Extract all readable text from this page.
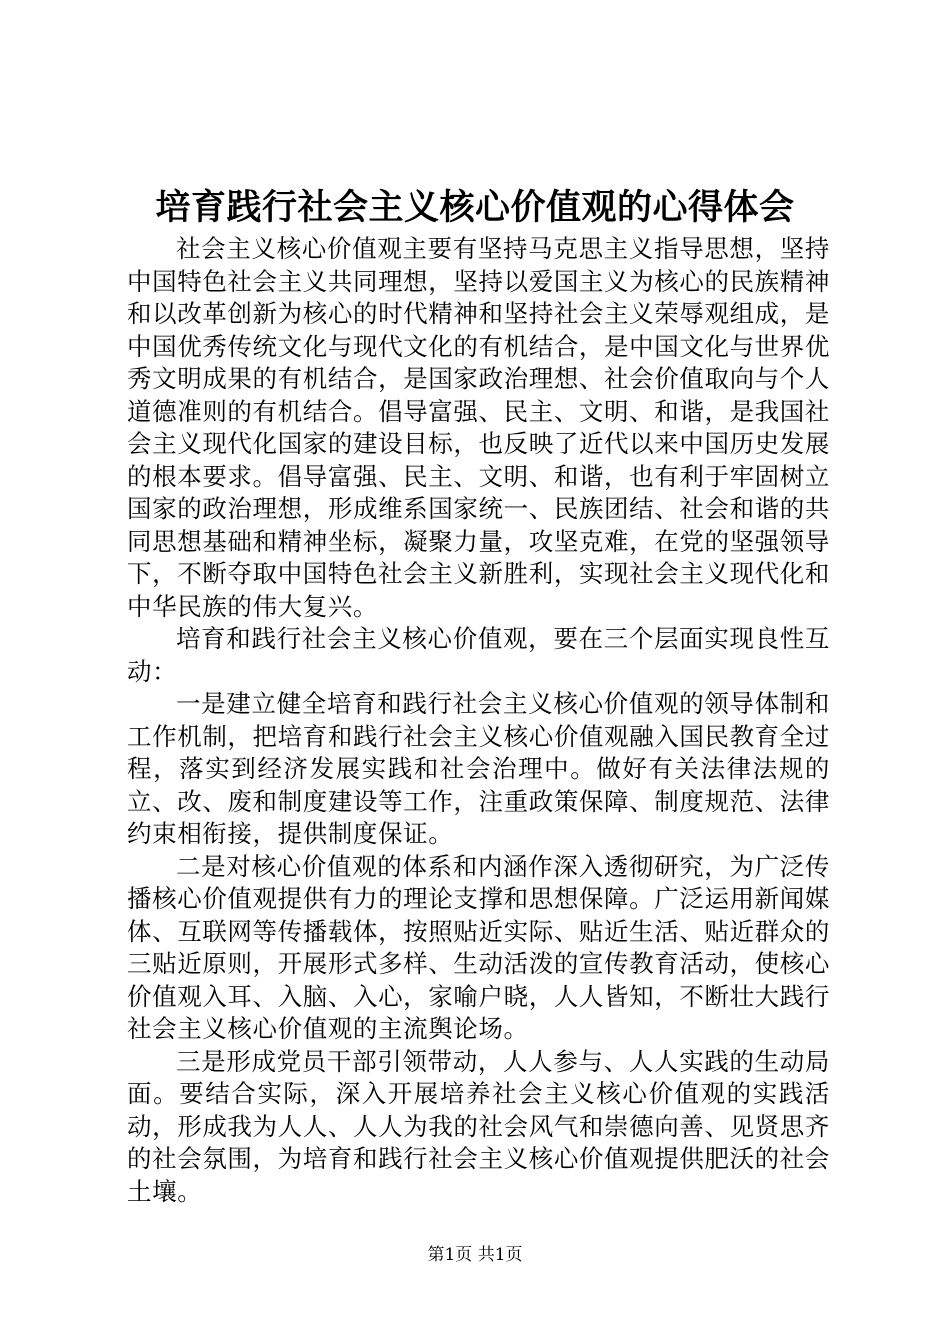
培育践行社会主义核心价值观的心得体会

社会主义核心价值观主要有坚持马克思主义指导思想，坚持中国特色社会主义共同理想，坚持以爱国主义为核心的民族精神和以改革创新为核心的时代精神和坚持社会主义荣辱观组成，是中国优秀传统文化与现代文化的有机结合，是中国文化与世界优秀文明成果的有机结合，是国家政治理想、社会价值取向与个人道德准则的有机结合。倡导富强、民主、文明、和谐，是我国社会主义现代化国家的建设目标，也反映了近代以来中国历史发展的根本要求。倡导富强、民主、文明、和谐，也有利于牢固树立国家的政治理想，形成维系国家统一、民族团结、社会和谐的共同思想基础和精神坐标，凝聚力量，攻坚克难，在党的坚强领导下，不断夺取中国特色社会主义新胜利，实现社会主义现代化和中华民族的伟大复兴。

培育和践行社会主义核心价值观，要在三个层面实现良性互动：

一是建立健全培育和践行社会主义核心价值观的领导体制和工作机制，把培育和践行社会主义核心价值观融入国民教育全过程，落实到经济发展实践和社会治理中。做好有关法律法规的立、改、废和制度建设等工作，注重政策保障、制度规范、法律约束相衔接，提供制度保证。

二是对核心价值观的体系和内涵作深入透彻研究，为广泛传播核心价值观提供有力的理论支撑和思想保障。广泛运用新闻媒体、互联网等传播载体，按照贴近实际、贴近生活、贴近群众的三贴近原则，开展形式多样、生动活泼的宣传教育活动，使核心价值观入耳、入脑、入心，家喻户晓，人人皆知，不断壮大践行社会主义核心价值观的主流舆论场。

三是形成党员干部引领带动，人人参与、人人实践的生动局面。要结合实际，深入开展培养社会主义核心价值观的实践活动，形成我为人人、人人为我的社会风气和崇德向善、见贤思齐的社会氛围，为培育和践行社会主义核心价值观提供肥沃的社会土壤。

第1页 共1页
